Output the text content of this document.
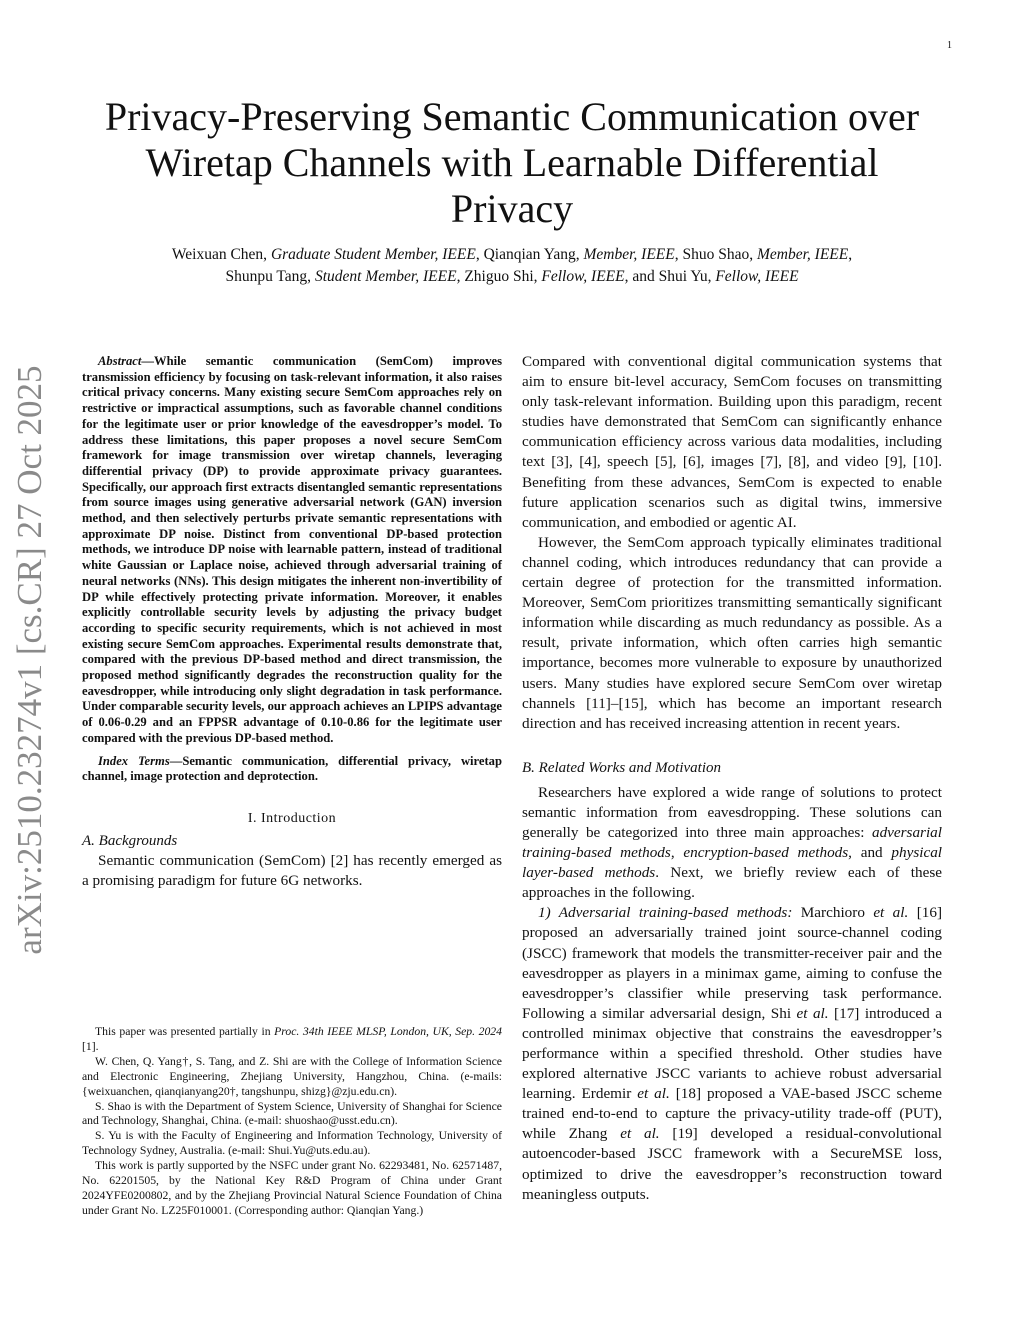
1
arXiv:2510.23274v1 [cs.CR] 27 Oct 2025
Privacy-Preserving Semantic Communication over Wiretap Channels with Learnable Differential Privacy
Weixuan Chen, Graduate Student Member, IEEE, Qianqian Yang, Member, IEEE, Shuo Shao, Member, IEEE,
Shunpu Tang, Student Member, IEEE, Zhiguo Shi, Fellow, IEEE, and Shui Yu, Fellow, IEEE

Abstract—While semantic communication (SemCom) improves transmission efficiency by focusing on task-relevant information, it also raises critical privacy concerns. Many existing secure SemCom approaches rely on restrictive or impractical assumptions, such as favorable channel conditions for the legitimate user or prior knowledge of the eavesdropper’s model. To address these limitations, this paper proposes a novel secure SemCom framework for image transmission over wiretap channels, leveraging differential privacy (DP) to provide approximate privacy guarantees. Specifically, our approach first extracts disentangled semantic representations from source images using generative adversarial network (GAN) inversion method, and then selectively perturbs private semantic representations with approximate DP noise. Distinct from conventional DP-based protection methods, we introduce DP noise with learnable pattern, instead of traditional white Gaussian or Laplace noise, achieved through adversarial training of neural networks (NNs). This design mitigates the inherent non-invertibility of DP while effectively protecting private information. Moreover, it enables explicitly controllable security levels by adjusting the privacy budget according to specific security requirements, which is not achieved in most existing secure SemCom approaches. Experimental results demonstrate that, compared with the previous DP-based method and direct transmission, the proposed method significantly degrades the reconstruction quality for the eavesdropper, while introducing only slight degradation in task performance. Under comparable security levels, our approach achieves an LPIPS advantage of 0.06-0.29 and an FPPSR advantage of 0.10-0.86 for the legitimate user compared with the previous DP-based method.

Index Terms—Semantic communication, differential privacy, wiretap channel, image protection and deprotection.

I. Introduction
A. Backgrounds

Semantic communication (SemCom) [2] has recently emerged as a promising paradigm for future 6G networks.

This paper was presented partially in Proc. 34th IEEE MLSP, London, UK, Sep. 2024 [1].

W. Chen, Q. Yang†, S. Tang, and Z. Shi are with the College of Information Science and Electronic Engineering, Zhejiang University, Hangzhou, China. (e-mails: {weixuanchen, qianqianyang20†, tangshunpu, shizg}@zju.edu.cn).

S. Shao is with the Department of System Science, University of Shanghai for Science and Technology, Shanghai, China. (e-mail: shuoshao@usst.edu.cn).

S. Yu is with the Faculty of Engineering and Information Technology, University of Technology Sydney, Australia. (e-mail: Shui.Yu@uts.edu.au).

This work is partly supported by the NSFC under grant No. 62293481, No. 62571487, No. 62201505, by the National Key R&D Program of China under Grant 2024YFE0200802, and by the Zhejiang Provincial Natural Science Foundation of China under Grant No. LZ25F010001. (Corresponding author: Qianqian Yang.)

Compared with conventional digital communication systems that aim to ensure bit-level accuracy, SemCom focuses on transmitting only task-relevant information. Building upon this paradigm, recent studies have demonstrated that SemCom can significantly enhance communication efficiency across various data modalities, including text [3], [4], speech [5], [6], images [7], [8], and video [9], [10]. Benefiting from these advances, SemCom is expected to enable future application scenarios such as digital twins, immersive communication, and embodied or agentic AI.

However, the SemCom approach typically eliminates traditional channel coding, which introduces redundancy that can provide a certain degree of protection for the transmitted information. Moreover, SemCom prioritizes transmitting semantically significant information while discarding as much redundancy as possible. As a result, private information, which often carries high semantic importance, becomes more vulnerable to exposure by unauthorized users. Many studies have explored secure SemCom over wiretap channels [11]–[15], which has become an important research direction and has received increasing attention in recent years.

B. Related Works and Motivation

Researchers have explored a wide range of solutions to protect semantic information from eavesdropping. These solutions can generally be categorized into three main approaches: adversarial training-based methods, encryption-based methods, and physical layer-based methods. Next, we briefly review each of these approaches in the following.

1) Adversarial training-based methods: Marchioro et al. [16] proposed an adversarially trained joint source-channel coding (JSCC) framework that models the transmitter-receiver pair and the eavesdropper as players in a minimax game, aiming to confuse the eavesdropper’s classifier while preserving task performance. Following a similar adversarial design, Shi et al. [17] introduced a controlled minimax objective that constrains the eavesdropper’s performance within a specified threshold. Other studies have explored alternative JSCC variants to achieve robust adversarial learning. Erdemir et al. [18] proposed a VAE-based JSCC scheme trained end-to-end to capture the privacy-utility trade-off (PUT), while Zhang et al. [19] developed a residual-convolutional autoencoder-based JSCC framework with a SecureMSE loss, optimized to drive the eavesdropper’s reconstruction toward meaningless outputs.
